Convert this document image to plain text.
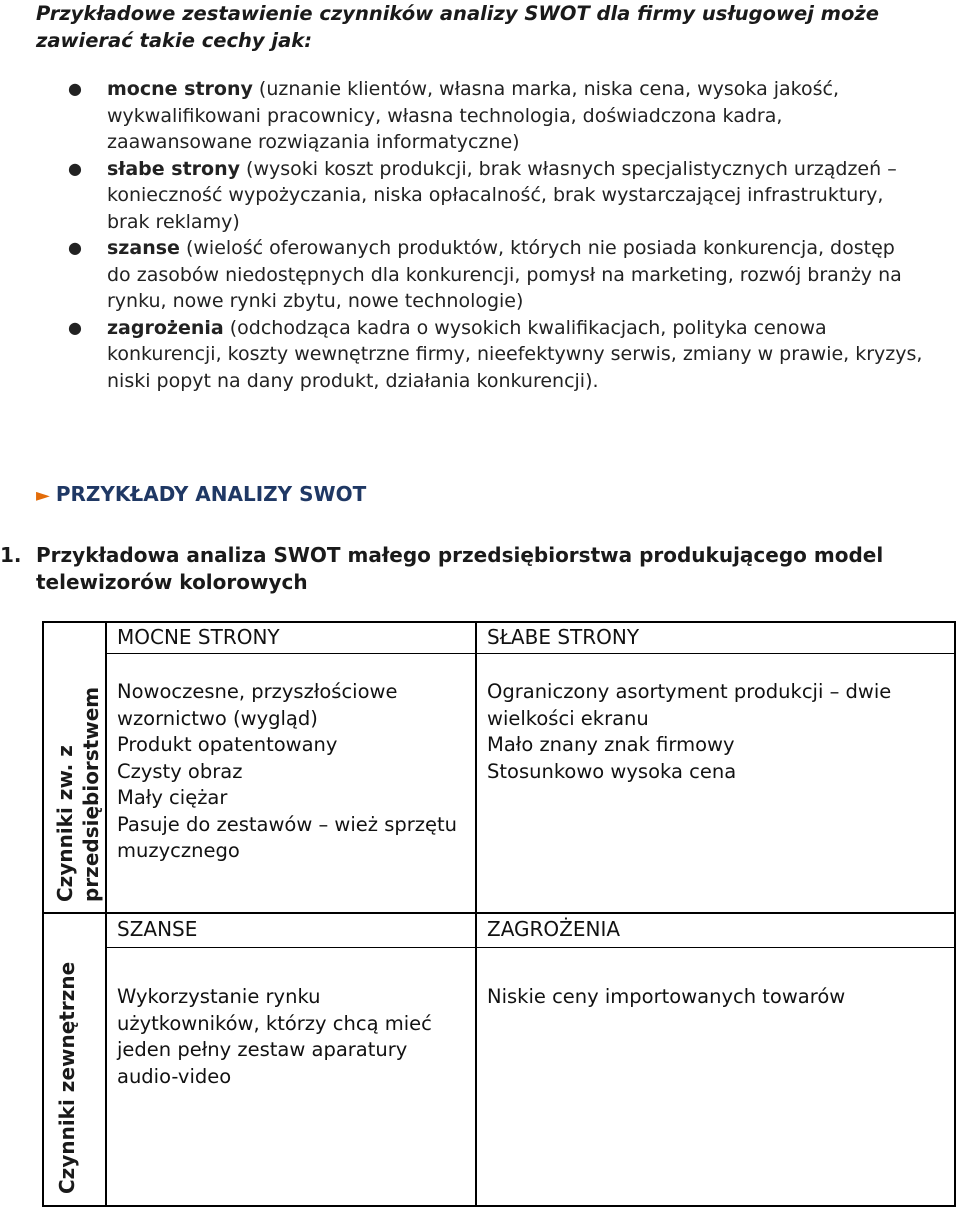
Przykładowe zestawienie czynników analizy SWOT dla firmy usługowej może
zawierać takie cechy jak:
● mocne strony (uznanie klientów, własna marka, niska cena, wysoka jakość,
wykwalifikowani pracownicy, własna technologia, doświadczona kadra,
zaawansowane rozwiązania informatyczne)
● słabe strony (wysoki koszt produkcji, brak własnych specjalistycznych urządzeń –
konieczność wypożyczania, niska opłacalność, brak wystarczającej infrastruktury,
brak reklamy)
● szanse (wielość oferowanych produktów, których nie posiada konkurencja, dostęp
do zasobów niedostępnych dla konkurencji, pomysł na marketing, rozwój branży na
rynku, nowe rynki zbytu, nowe technologie)
● zagrożenia (odchodząca kadra o wysokich kwalifikacjach, polityka cenowa
konkurencji, koszty wewnętrzne firmy, nieefektywny serwis, zmiany w prawie, kryzys,
niski popyt na dany produkt, działania konkurencji).
► PRZYKŁADY ANALIZY SWOT
1. Przykładowa analiza SWOT małego przedsiębiorstwa produkującego model
telewizorów kolorowych
Czynniki zw. z przedsiębiorstwem
Czynniki zewnętrzne
MOCNE STRONY	SŁABE STRONY
SZANSE	ZAGROŻENIA
Nowoczesne, przyszłościowe
wzornictwo (wygląd)
Produkt opatentowany
Czysty obraz
Mały ciężar
Pasuje do zestawów – wież sprzętu
muzycznego
Ograniczony asortyment produkcji – dwie
wielkości ekranu
Mało znany znak firmowy
Stosunkowo wysoka cena
Wykorzystanie rynku
użytkowników, którzy chcą mieć
jeden pełny zestaw aparatury
audio-video
Niskie ceny importowanych towarów
